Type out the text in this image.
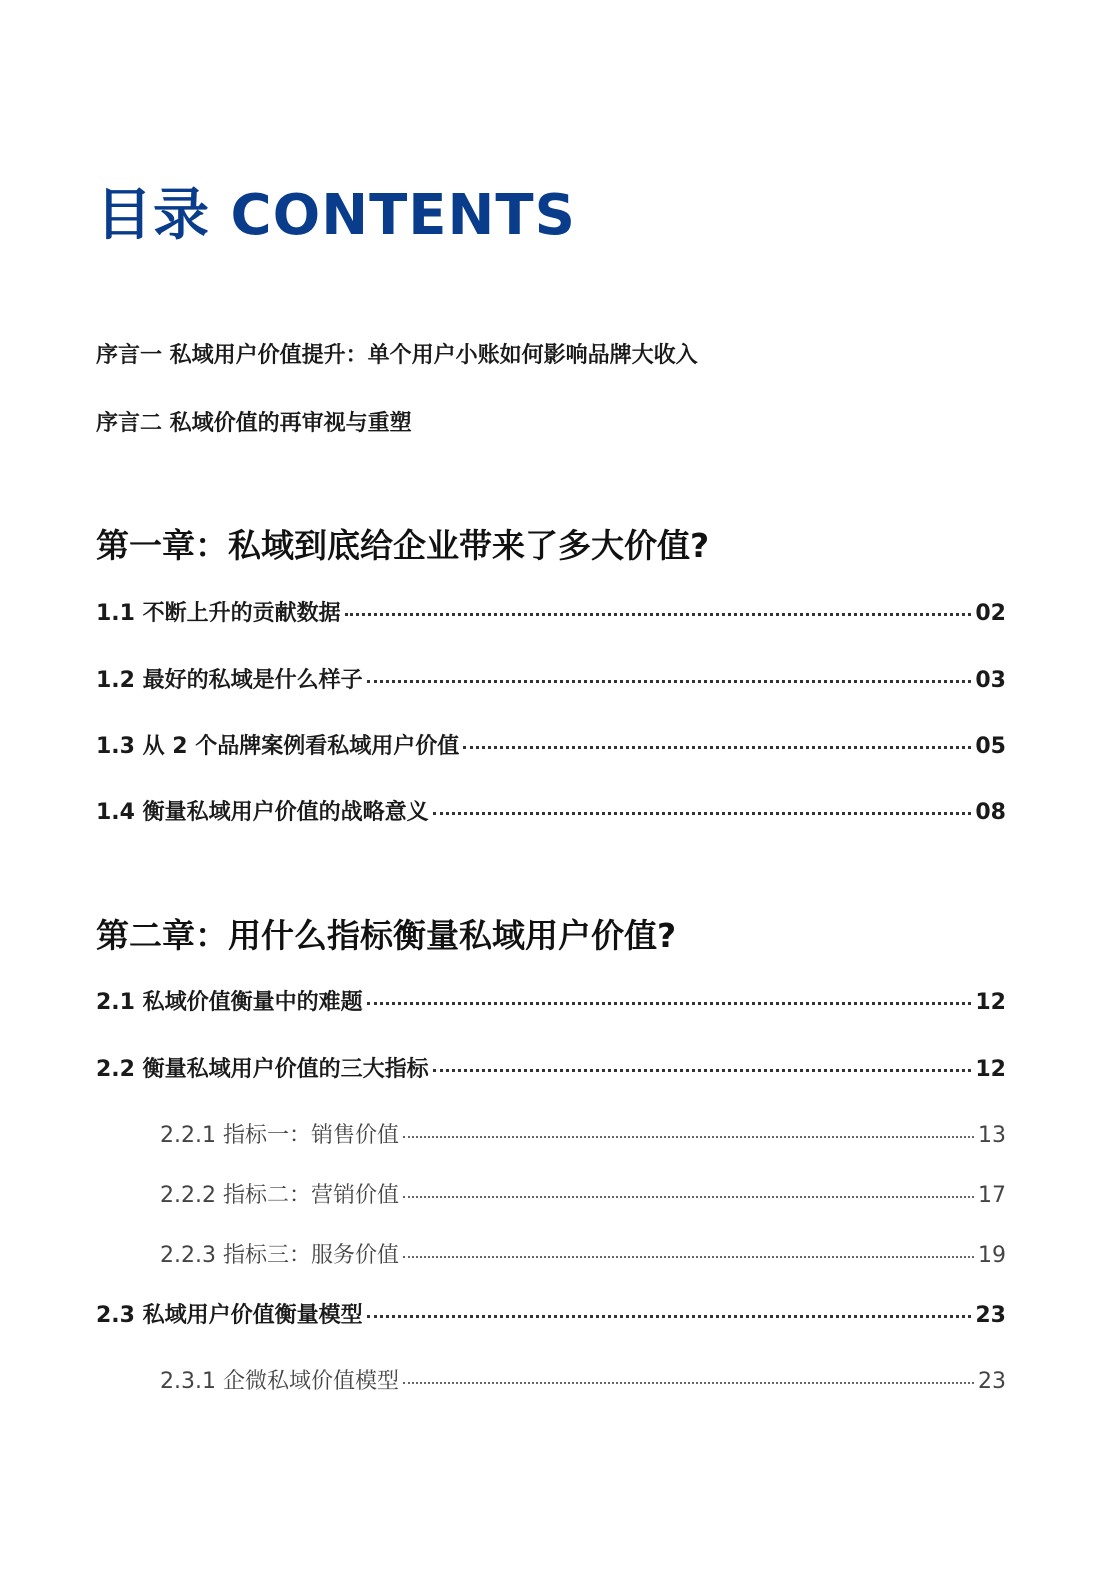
目录 CONTENTS

序言一 私域用户价值提升：单个用户小账如何影响品牌大收入

序言二 私域价值的再审视与重塑

第一章：私域到底给企业带来了多大价值?
1.1 不断上升的贡献数据	02
1.2 最好的私域是什么样子	03
1.3 从 2 个品牌案例看私域用户价值	05
1.4 衡量私域用户价值的战略意义	08
第二章：用什么指标衡量私域用户价值?
2.1 私域价值衡量中的难题	12
2.2 衡量私域用户价值的三大指标	12
2.2.1 指标一：销售价值	13
2.2.2 指标二：营销价值	17
2.2.3 指标三：服务价值	19
2.3 私域用户价值衡量模型	23
2.3.1 企微私域价值模型	23
